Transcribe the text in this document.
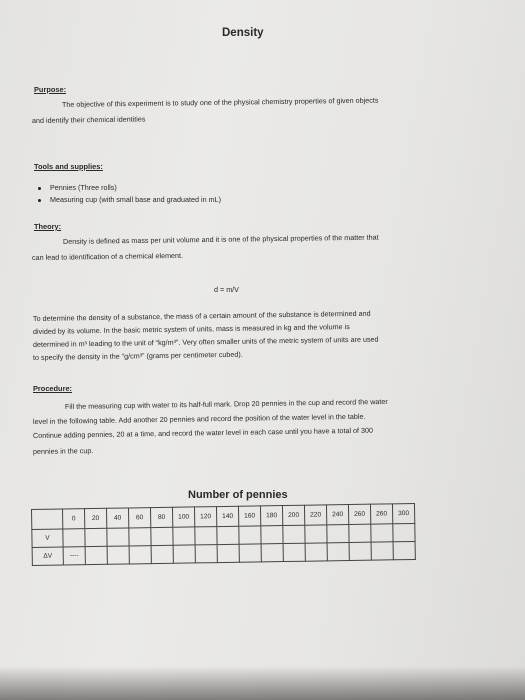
Density
Purpose:
The objective of this experiment is to study one of the physical chemistry properties of given objects
and identify their chemical identities
Tools and supplies:
Pennies (Three rolls)
Measuring cup (with small base and graduated in mL)
Theory:
Density is defined as mass per unit volume and it is one of the physical properties of the matter that
can lead to identification of a chemical element.
d = m/V
To determine the density of a substance, the mass of a certain amount of the substance is determined and
divided by its volume. In the basic metric system of units, mass is measured in kg and the volume is
determined in m³ leading to the unit of “kg/m³”. Very often smaller units of the metric system of units are used
to specify the density in the “g/cm³” (grams per centimeter cubed).
Procedure:
Fill the measuring cup with water to its half-full mark. Drop 20 pennies in the cup and record the water
level in the following table. Add another 20 pennies and record the position of the water level in the table.
Continue adding pennies, 20 at a time, and record the water level in each case until you have a total of 300
pennies in the cup.
Number of pennies
	0	20	40	60	80	100	120	140	160	180	200	220	240	260	260	300
V																
ΔV	----															
